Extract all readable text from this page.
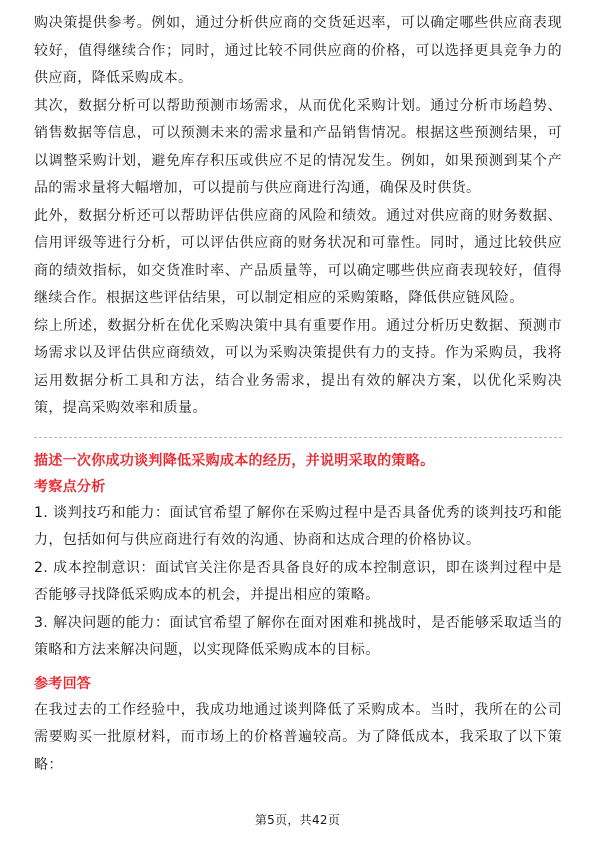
购决策提供参考。例如，通过分析供应商的交货延迟率，可以确定哪些供应商表现较好，值得继续合作；同时，通过比较不同供应商的价格，可以选择更具竞争力的供应商，降低采购成本。

其次，数据分析可以帮助预测市场需求，从而优化采购计划。通过分析市场趋势、销售数据等信息，可以预测未来的需求量和产品销售情况。根据这些预测结果，可以调整采购计划，避免库存积压或供应不足的情况发生。例如，如果预测到某个产品的需求量将大幅增加，可以提前与供应商进行沟通，确保及时供货。

此外，数据分析还可以帮助评估供应商的风险和绩效。通过对供应商的财务数据、信用评级等进行分析，可以评估供应商的财务状况和可靠性。同时，通过比较供应商的绩效指标，如交货准时率、产品质量等，可以确定哪些供应商表现较好，值得继续合作。根据这些评估结果，可以制定相应的采购策略，降低供应链风险。

综上所述，数据分析在优化采购决策中具有重要作用。通过分析历史数据、预测市场需求以及评估供应商绩效，可以为采购决策提供有力的支持。作为采购员，我将运用数据分析工具和方法，结合业务需求，提出有效的解决方案，以优化采购决策，提高采购效率和质量。

描述一次你成功谈判降低采购成本的经历，并说明采取的策略。

考察点分析

1. 谈判技巧和能力：面试官希望了解你在采购过程中是否具备优秀的谈判技巧和能力，包括如何与供应商进行有效的沟通、协商和达成合理的价格协议。

2. 成本控制意识：面试官关注你是否具备良好的成本控制意识，即在谈判过程中是否能够寻找降低采购成本的机会，并提出相应的策略。

3. 解决问题的能力：面试官希望了解你在面对困难和挑战时，是否能够采取适当的策略和方法来解决问题，以实现降低采购成本的目标。

参考回答

在我过去的工作经验中，我成功地通过谈判降低了采购成本。当时，我所在的公司需要购买一批原材料，而市场上的价格普遍较高。为了降低成本，我采取了以下策略：

第5页，共42页
